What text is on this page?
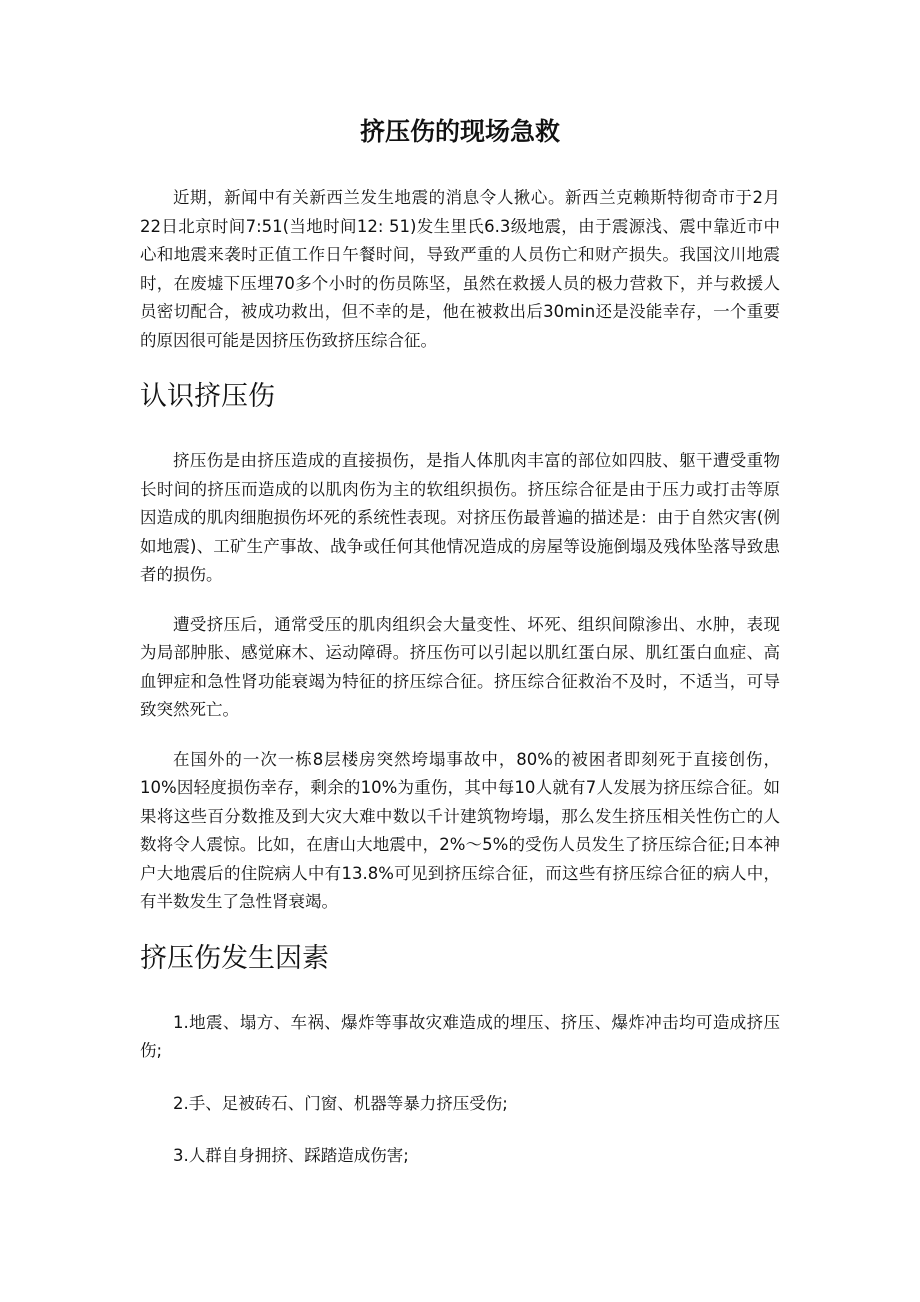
挤压伤的现场急救

近期，新闻中有关新西兰发生地震的消息令人揪心。新西兰克赖斯特彻奇市于2月22日北京时间7:51(当地时间12: 51)发生里氏6.3级地震，由于震源浅、震中靠近市中心和地震来袭时正值工作日午餐时间，导致严重的人员伤亡和财产损失。我国汶川地震时，在废墟下压埋70多个小时的伤员陈坚，虽然在救援人员的极力营救下，并与救援人员密切配合，被成功救出，但不幸的是，他在被救出后30min还是没能幸存，一个重要的原因很可能是因挤压伤致挤压综合征。

认识挤压伤

挤压伤是由挤压造成的直接损伤，是指人体肌肉丰富的部位如四肢、躯干遭受重物长时间的挤压而造成的以肌肉伤为主的软组织损伤。挤压综合征是由于压力或打击等原因造成的肌肉细胞损伤坏死的系统性表现。对挤压伤最普遍的描述是：由于自然灾害(例如地震)、工矿生产事故、战争或任何其他情况造成的房屋等设施倒塌及残体坠落导致患者的损伤。

遭受挤压后，通常受压的肌肉组织会大量变性、坏死、组织间隙渗出、水肿，表现为局部肿胀、感觉麻木、运动障碍。挤压伤可以引起以肌红蛋白尿、肌红蛋白血症、高血钾症和急性肾功能衰竭为特征的挤压综合征。挤压综合征救治不及时，不适当，可导致突然死亡。

在国外的一次一栋8层楼房突然垮塌事故中，80%的被困者即刻死于直接创伤，10%因轻度损伤幸存，剩余的10%为重伤，其中每10人就有7人发展为挤压综合征。如果将这些百分数推及到大灾大难中数以千计建筑物垮塌，那么发生挤压相关性伤亡的人数将令人震惊。比如，在唐山大地震中，2%～5%的受伤人员发生了挤压综合征;日本神户大地震后的住院病人中有13.8%可见到挤压综合征，而这些有挤压综合征的病人中，有半数发生了急性肾衰竭。

挤压伤发生因素

1.地震、塌方、车祸、爆炸等事故灾难造成的埋压、挤压、爆炸冲击均可造成挤压伤;

2.手、足被砖石、门窗、机器等暴力挤压受伤;

3.人群自身拥挤、踩踏造成伤害;
